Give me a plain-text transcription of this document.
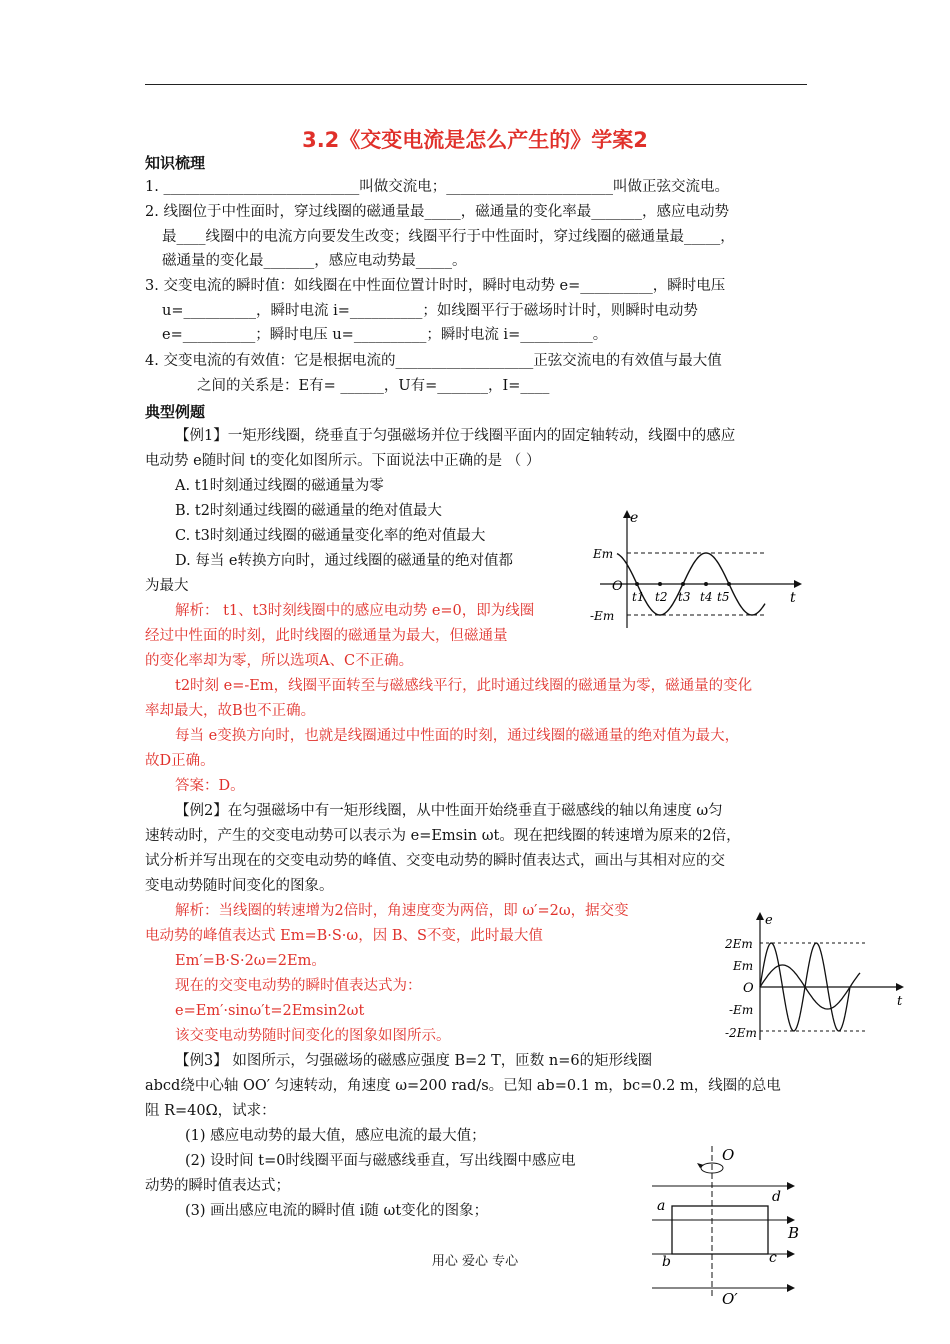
3.2《交变电流是怎么产生的》学案2
知识梳理
1. ___________________________叫做交流电；_______________________叫做正弦交流电。
2. 线圈位于中性面时，穿过线圈的磁通量最_____，磁通量的变化率最_______，感应电动势
最____线圈中的电流方向要发生改变；线圈平行于中性面时，穿过线圈的磁通量最_____，
磁通量的变化最_______，感应电动势最_____。
3. 交变电流的瞬时值：如线圈在中性面位置计时时，瞬时电动势 e=__________，瞬时电压
u=__________，瞬时电流 i=__________；如线圈平行于磁场时计时，则瞬时电动势
e=__________；瞬时电压 u=__________；瞬时电流 i=__________。
4. 交变电流的有效值：它是根据电流的___________________正弦交流电的有效值与最大值
之间的关系是：E有= ______，U有=_______，I=____
典型例题
【例1】一矩形线圈，绕垂直于匀强磁场并位于线圈平面内的固定轴转动，线圈中的感应
电动势 e随时间 t的变化如图所示。下面说法中正确的是 （ ）
A. t1时刻通过线圈的磁通量为零
B. t2时刻通过线圈的磁通量的绝对值最大
C. t3时刻通过线圈的磁通量变化率的绝对值最大
D. 每当 e转换方向时，通过线圈的磁通量的绝对值都
为最大
解析： t1、t3时刻线圈中的感应电动势 e=0，即为线圈
经过中性面的时刻，此时线圈的磁通量为最大，但磁通量
的变化率却为零，所以选项A、C不正确。
t2时刻 e=-Em，线圈平面转至与磁感线平行，此时通过线圈的磁通量为零，磁通量的变化
率却最大，故B也不正确。
每当 e变换方向时，也就是线圈通过中性面的时刻，通过线圈的磁通量的绝对值为最大，
故D正确。
答案：D。
【例2】在匀强磁场中有一矩形线圈，从中性面开始绕垂直于磁感线的轴以角速度 ω匀
速转动时，产生的交变电动势可以表示为 e=Emsin ωt。现在把线圈的转速增为原来的2倍，
试分析并写出现在的交变电动势的峰值、交变电动势的瞬时值表达式，画出与其相对应的交
变电动势随时间变化的图象。
解析：当线圈的转速增为2倍时，角速度变为两倍，即 ω′=2ω，据交变
电动势的峰值表达式 Em=B·S·ω，因 B、S不变，此时最大值
Em′=B·S·2ω=2Em。
现在的交变电动势的瞬时值表达式为：
e=Em′·sinω′t=2Emsin2ωt
该交变电动势随时间变化的图象如图所示。
【例3】 如图所示，匀强磁场的磁感应强度 B=2 T，匝数 n=6的矩形线圈
abcd绕中心轴 OO′ 匀速转动，角速度 ω=200 rad/s。已知 ab=0.1 m，bc=0.2 m，线圈的总电
阻 R=40Ω，试求：
(1) 感应电动势的最大值，感应电流的最大值；
(2) 设时间 t=0时线圈平面与磁感线垂直，写出线圈中感应电
动势的瞬时值表达式；
(3) 画出感应电流的瞬时值 i随 ωt变化的图象；
用心 爱心 专心
e
Em
O
-Em
t
t1 t2 t3 t4 t5
e
2Em
Em
O
-Em
-2Em
t
O
O′
a
b	c
d
B
